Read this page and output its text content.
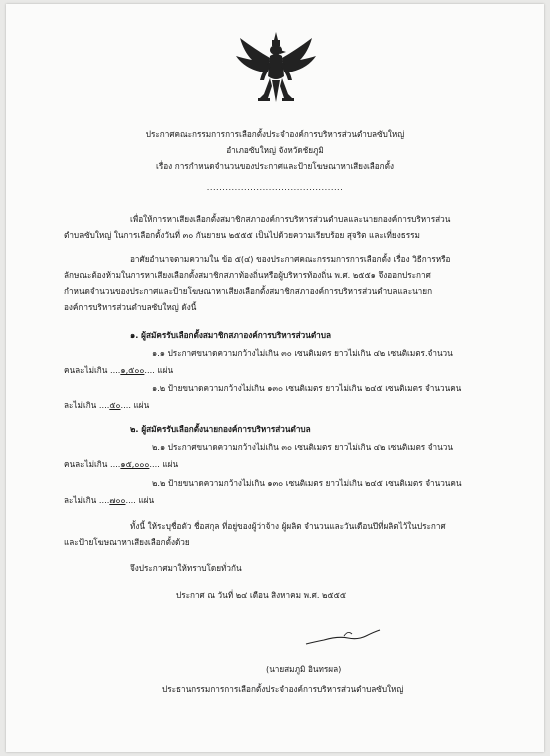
ประกาศคณะกรรมการการเลือกตั้งประจำองค์การบริหารส่วนตำบลซับใหญ่
อำเภอซับใหญ่ จังหวัดชัยภูมิ
เรื่อง การกำหนดจำนวนของประกาศและป้ายโฆษณาหาเสียงเลือกตั้ง
............................................
เพื่อให้การหาเสียงเลือกตั้งสมาชิกสภาองค์การบริหารส่วนตำบลและนายกองค์การบริหารส่วน
ตำบลซับใหญ่ ในการเลือกตั้งวันที่ ๓๐ กันยายน ๒๕๕๕ เป็นไปด้วยความเรียบร้อย สุจริต และเที่ยงธรรม
อาศัยอำนาจตามความใน ข้อ ๕(๔) ของประกาศคณะกรรมการการเลือกตั้ง เรื่อง วิธีการหรือ
ลักษณะต้องห้ามในการหาเสียงเลือกตั้งสมาชิกสภาท้องถิ่นหรือผู้บริหารท้องถิ่น พ.ศ. ๒๕๕๑ จึงออกประกาศ
กำหนดจำนวนของประกาศและป้ายโฆษณาหาเสียงเลือกตั้งสมาชิกสภาองค์การบริหารส่วนตำบลและนายก
องค์การบริหารส่วนตำบลซับใหญ่ ดังนี้
๑. ผู้สมัครรับเลือกตั้งสมาชิกสภาองค์การบริหารส่วนตำบล
๑.๑ ประกาศขนาดความกว้างไม่เกิน ๓๐ เซนติเมตร ยาวไม่เกิน ๔๒ เซนติเมตร.จำนวน
คนละไม่เกิน ....๑,๕๐๐.... แผ่น
๑.๒ ป้ายขนาดความกว้างไม่เกิน ๑๓๐ เซนติเมตร ยาวไม่เกิน ๒๔๕ เซนติเมตร จำนวนคน
ละไม่เกิน ....๕๐.... แผ่น
๒. ผู้สมัครรับเลือกตั้งนายกองค์การบริหารส่วนตำบล
๒.๑ ประกาศขนาดความกว้างไม่เกิน ๓๐ เซนติเมตร ยาวไม่เกิน ๔๒ เซนติเมตร จำนวน
คนละไม่เกิน ....๑๕,๐๐๐.... แผ่น
๒.๒ ป้ายขนาดความกว้างไม่เกิน ๑๓๐ เซนติเมตร ยาวไม่เกิน ๒๔๕ เซนติเมตร จำนวนคน
ละไม่เกิน ....๗๐๐.... แผ่น
ทั้งนี้ ให้ระบุชื่อตัว ชื่อสกุล ที่อยู่ของผู้ว่าจ้าง ผู้ผลิต จำนวนและวันเดือนปีที่ผลิตไว้ในประกาศ
และป้ายโฆษณาหาเสียงเลือกตั้งด้วย
จึงประกาศมาให้ทราบโดยทั่วกัน
ประกาศ ณ วันที่ ๒๔ เดือน สิงหาคม พ.ศ. ๒๕๕๕
(นายสมภูมิ อินทรผล)
ประธานกรรมการการเลือกตั้งประจำองค์การบริหารส่วนตำบลซับใหญ่
